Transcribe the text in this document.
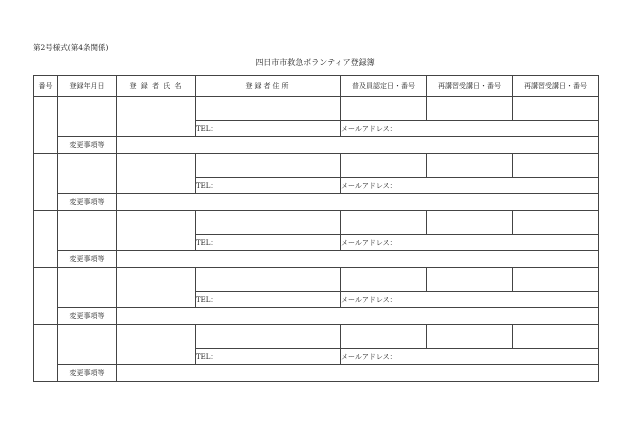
第2号様式(第4条関係)
四日市市救急ボランティア登録簿
番号	登録年月日	登 録 者 氏 名	登録者住所	普及員認定日・番号	再講習受講日・番号	再講習受講日・番号

			TEL：	メールアドレス：		
	変更事項等					

			TEL：	メールアドレス：		
	変更事項等					

			TEL：	メールアドレス：		
	変更事項等					

			TEL：	メールアドレス：		
	変更事項等					

			TEL：	メールアドレス：		
	変更事項等					
